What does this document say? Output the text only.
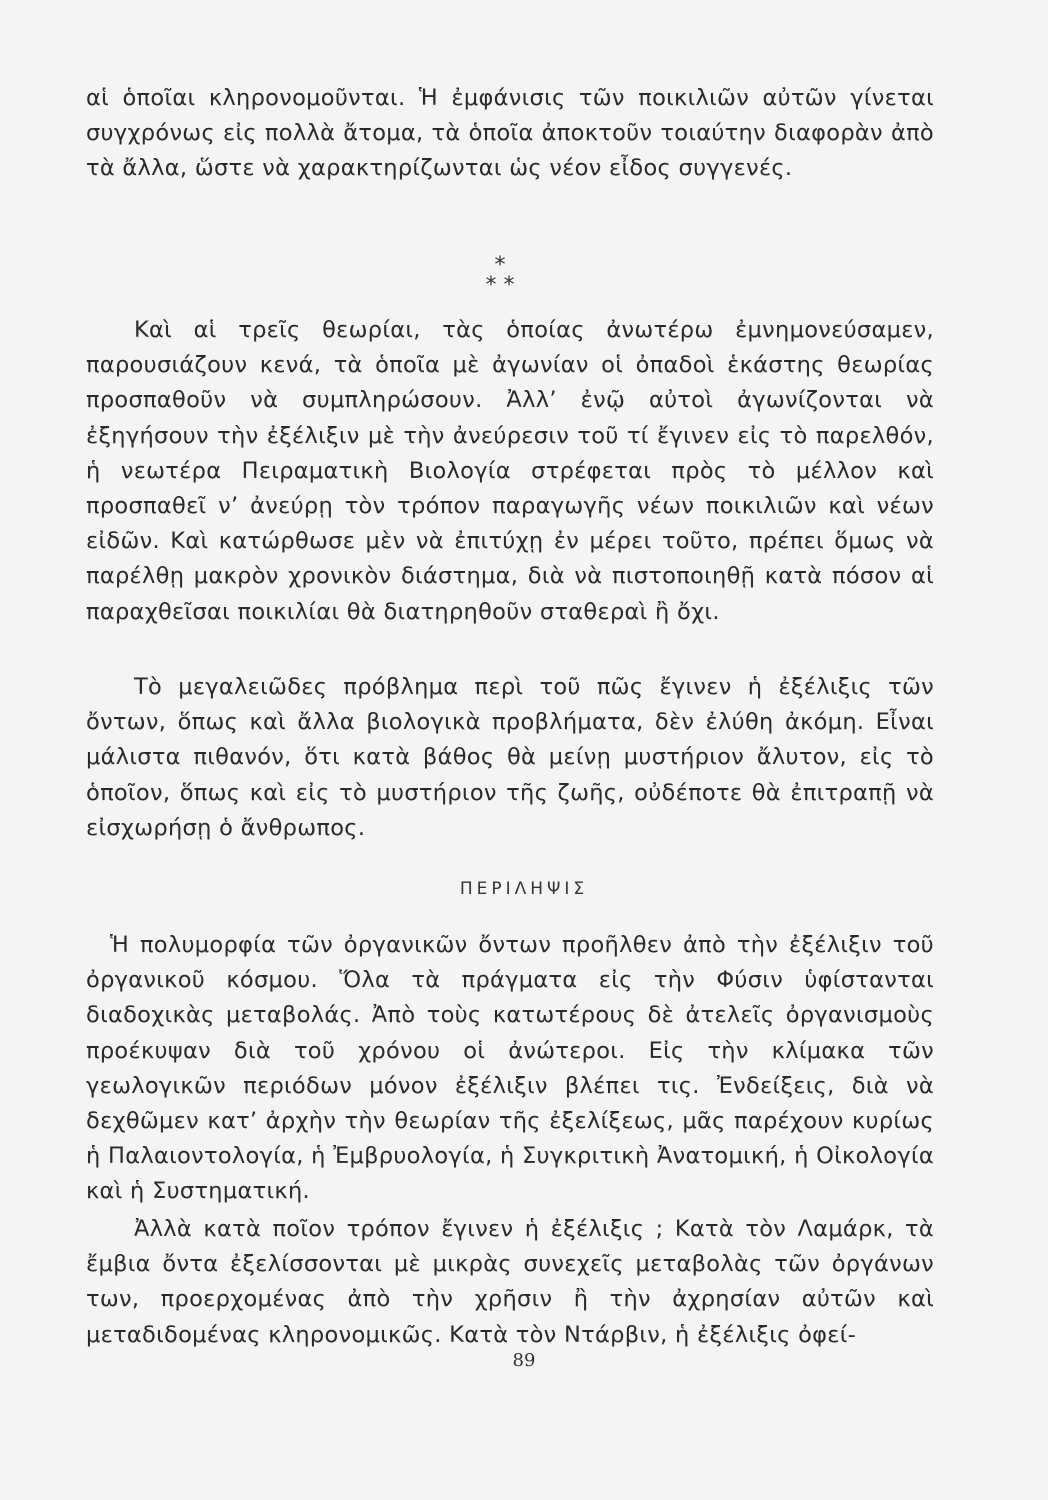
αἱ ὁποῖαι κληρονομοῦνται. Ἡ ἐμφάνισις τῶν ποικιλιῶν αὐτῶν γίνεται συγχρόνως εἰς πολλὰ ἄτομα, τὰ ὁποῖα ἀποκτοῦν τοιαύτην διαφορὰν ἀπὸ τὰ ἄλλα, ὥστε νὰ χαρακτηρίζωνται ὡς νέον εἶδος συγγενές.

*
* *

Καὶ αἱ τρεῖς θεωρίαι, τὰς ὁποίας ἀνωτέρω ἐμνημονεύσαμεν, παρουσιάζουν κενά, τὰ ὁποῖα μὲ ἀγωνίαν οἱ ὀπαδοὶ ἑκάστης θεωρίας προσπαθοῦν νὰ συμπληρώσουν. Ἀλλ’ ἐνῷ αὐτοὶ ἀγωνίζονται νὰ ἐξηγήσουν τὴν ἐξέλιξιν μὲ τὴν ἀνεύρεσιν τοῦ τί ἔγινεν εἰς τὸ παρελθόν, ἡ νεωτέρα Πειραματικὴ Βιολογία στρέφεται πρὸς τὸ μέλλον καὶ προσπαθεῖ ν’ ἀνεύρῃ τὸν τρόπον παραγωγῆς νέων ποικιλιῶν καὶ νέων εἰδῶν. Καὶ κατώρθωσε μὲν νὰ ἐπιτύχῃ ἐν μέρει τοῦτο, πρέπει ὅμως νὰ παρέλθῃ μακρὸν χρονικὸν διάστημα, διὰ νὰ πιστοποιηθῇ κατὰ πόσον αἱ παραχθεῖσαι ποικιλίαι θὰ διατηρηθοῦν σταθεραὶ ἢ ὄχι.

Τὸ μεγαλειῶδες πρόβλημα περὶ τοῦ πῶς ἔγινεν ἡ ἐξέλιξις τῶν ὄντων, ὅπως καὶ ἄλλα βιολογικὰ προβλήματα, δὲν ἐλύθη ἀκόμη. Εἶναι μάλιστα πιθανόν, ὅτι κατὰ βάθος θὰ μείνῃ μυστήριον ἄλυτον, εἰς τὸ ὁποῖον, ὅπως καὶ εἰς τὸ μυστήριον τῆς ζωῆς, οὐδέποτε θὰ ἐπιτραπῇ νὰ εἰσχωρήσῃ ὁ ἄνθρωπος.

ΠΕΡΙΛΗΨΙΣ

Ἡ πολυμορφία τῶν ὀργανικῶν ὄντων προῆλθεν ἀπὸ τὴν ἐξέλιξιν τοῦ ὀργανικοῦ κόσμου. Ὅλα τὰ πράγματα εἰς τὴν Φύσιν ὑφίστανται διαδοχικὰς μεταβολάς. Ἀπὸ τοὺς κατωτέρους δὲ ἀτελεῖς ὀργανισμοὺς προέκυψαν διὰ τοῦ χρόνου οἱ ἀνώτεροι. Εἰς τὴν κλίμακα τῶν γεωλογικῶν περιόδων μόνον ἐξέλιξιν βλέπει τις. Ἐνδείξεις, διὰ νὰ δεχθῶμεν κατ’ ἀρχὴν τὴν θεωρίαν τῆς ἐξελίξεως, μᾶς παρέχουν κυρίως ἡ Παλαιοντολογία, ἡ Ἐμβρυολογία, ἡ Συγκριτικὴ Ἀνατομική, ἡ Οἰκολογία καὶ ἡ Συστηματική.

Ἀλλὰ κατὰ ποῖον τρόπον ἔγινεν ἡ ἐξέλιξις ; Κατὰ τὸν Λαμάρκ, τὰ ἔμβια ὄντα ἐξελίσσονται μὲ μικρὰς συνεχεῖς μεταβολὰς τῶν ὀργάνων των, προερχομένας ἀπὸ τὴν χρῆσιν ἢ τὴν ἀχρησίαν αὐτῶν καὶ μεταδιδομένας κληρονομικῶς. Κατὰ τὸν Ντάρβιν, ἡ ἐξέλιξις ὀφεί-

89
